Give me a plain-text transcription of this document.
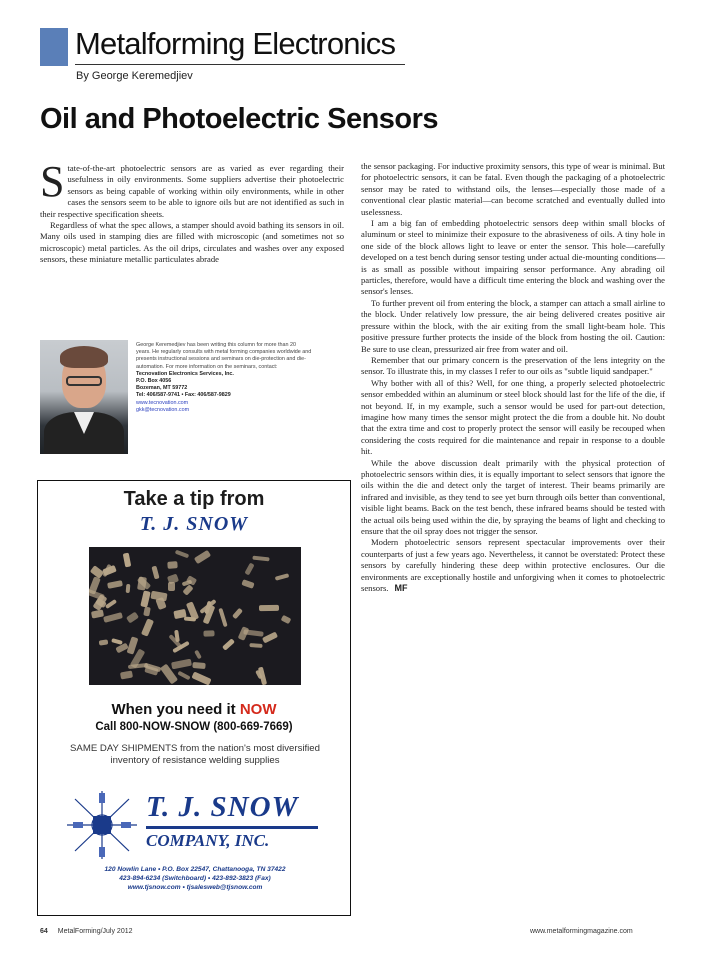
Metalforming Electronics
By George Keremedjiev
Oil and Photoelectric Sensors

State-of-the-art photoelectric sensors are as varied as ever regarding their usefulness in oily environments. Some suppliers advertise their photoelectric sensors as being capable of working within oily environments, while in other cases the sensors seem to be able to ignore oils but are not identified as such in their respective specification sheets.

Regardless of what the spec allows, a stamper should avoid bathing its sensors in oil. Many oils used in stamping dies are filled with microscopic (and sometimes not so microscopic) metal particles. As the oil drips, circulates and washes over any exposed sensors, these miniature metallic particulates abrade

George Keremedjiev has been writing this column for more than 20 years. He regularly consults with metal forming companies worldwide and presents instructional sessions and seminars on die-protection and die-automation. For more information on the seminars, contact:
Tecnovation Electronics Services, Inc.
P.O. Box 4056
Bozeman, MT 59772
Tel: 406/587-9741 • Fax: 406/587-9829
www.tecnovation.com
gkk@tecnovation.com
Take a tip from
T. J. SNOW
When you need it NOW
Call 800-NOW-SNOW (800-669-7669)
SAME DAY SHIPMENTS from the nation's most diversified inventory of resistance welding supplies
T. J. SNOW
COMPANY, INC.
120 Nowlin Lane • P.O. Box 22547, Chattanooga, TN 37422
423-894-6234 (Switchboard) • 423-892-3823 (Fax)
www.tjsnow.com • tjsalesweb@tjsnow.com

the sensor packaging. For inductive proximity sensors, this type of wear is minimal. But for photoelectric sensors, it can be fatal. Even though the packaging of a photoelectric sensor may be rated to withstand oils, the lenses—especially those made of a conventional clear plastic material—can become scratched and eventually dulled into uselessness.

I am a big fan of embedding photoelectric sensors deep within small blocks of aluminum or steel to minimize their exposure to the abrasiveness of oils. A tiny hole in one side of the block allows light to leave or enter the sensor. This hole—carefully developed on a test bench during sensor testing under actual die-mounting conditions—is as small as possible without impairing sensor performance. Any abrading oil particles, therefore, would have a difficult time entering the block and washing over the sensor's lenses.

To further prevent oil from entering the block, a stamper can attach a small airline to the block. Under relatively low pressure, the air being delivered creates positive air pressure within the block, with the air exiting from the small light-beam hole. This positive pressure further protects the inside of the block from hosting the oil. Caution: Be sure to use clean, pressurized air free from water and oil.

Remember that our primary concern is the preservation of the lens integrity on the sensor. To illustrate this, in my classes I refer to our oils as "subtle liquid sandpaper."

Why bother with all of this? Well, for one thing, a properly selected photoelectric sensor embedded within an aluminum or steel block should last for the life of the die, if not beyond. If, in my example, such a sensor would be used for part-out detection, imagine how many times the sensor might protect the die from a double hit. No doubt that the extra time and cost to properly protect the sensor will easily be recouped when considering the costs required for die maintenance and repair in response to a double hit.

While the above discussion dealt primarily with the physical protection of photoelectric sensors within dies, it is equally important to select sensors that ignore the oils within the die and detect only the target of interest. Their beams primarily are infrared and invisible, as they tend to see yet burn through oils better than conventional, visible light beams. Back on the test bench, these infrared beams should be tested with the actual oils being used within the die, by spraying the beams of light and checking to ensure that the oil spray does not trigger the sensor.

Modern photoelectric sensors represent spectacular improvements over their counterparts of just a few years ago. Nevertheless, it cannot be overstated: Protect these sensors by carefully hindering these deep within protective enclosures. Our die environments are exceptionally hostile and unforgiving when it comes to photoelectric sensors. MF

64 MetalForming/July 2012	www.metalformingmagazine.com
